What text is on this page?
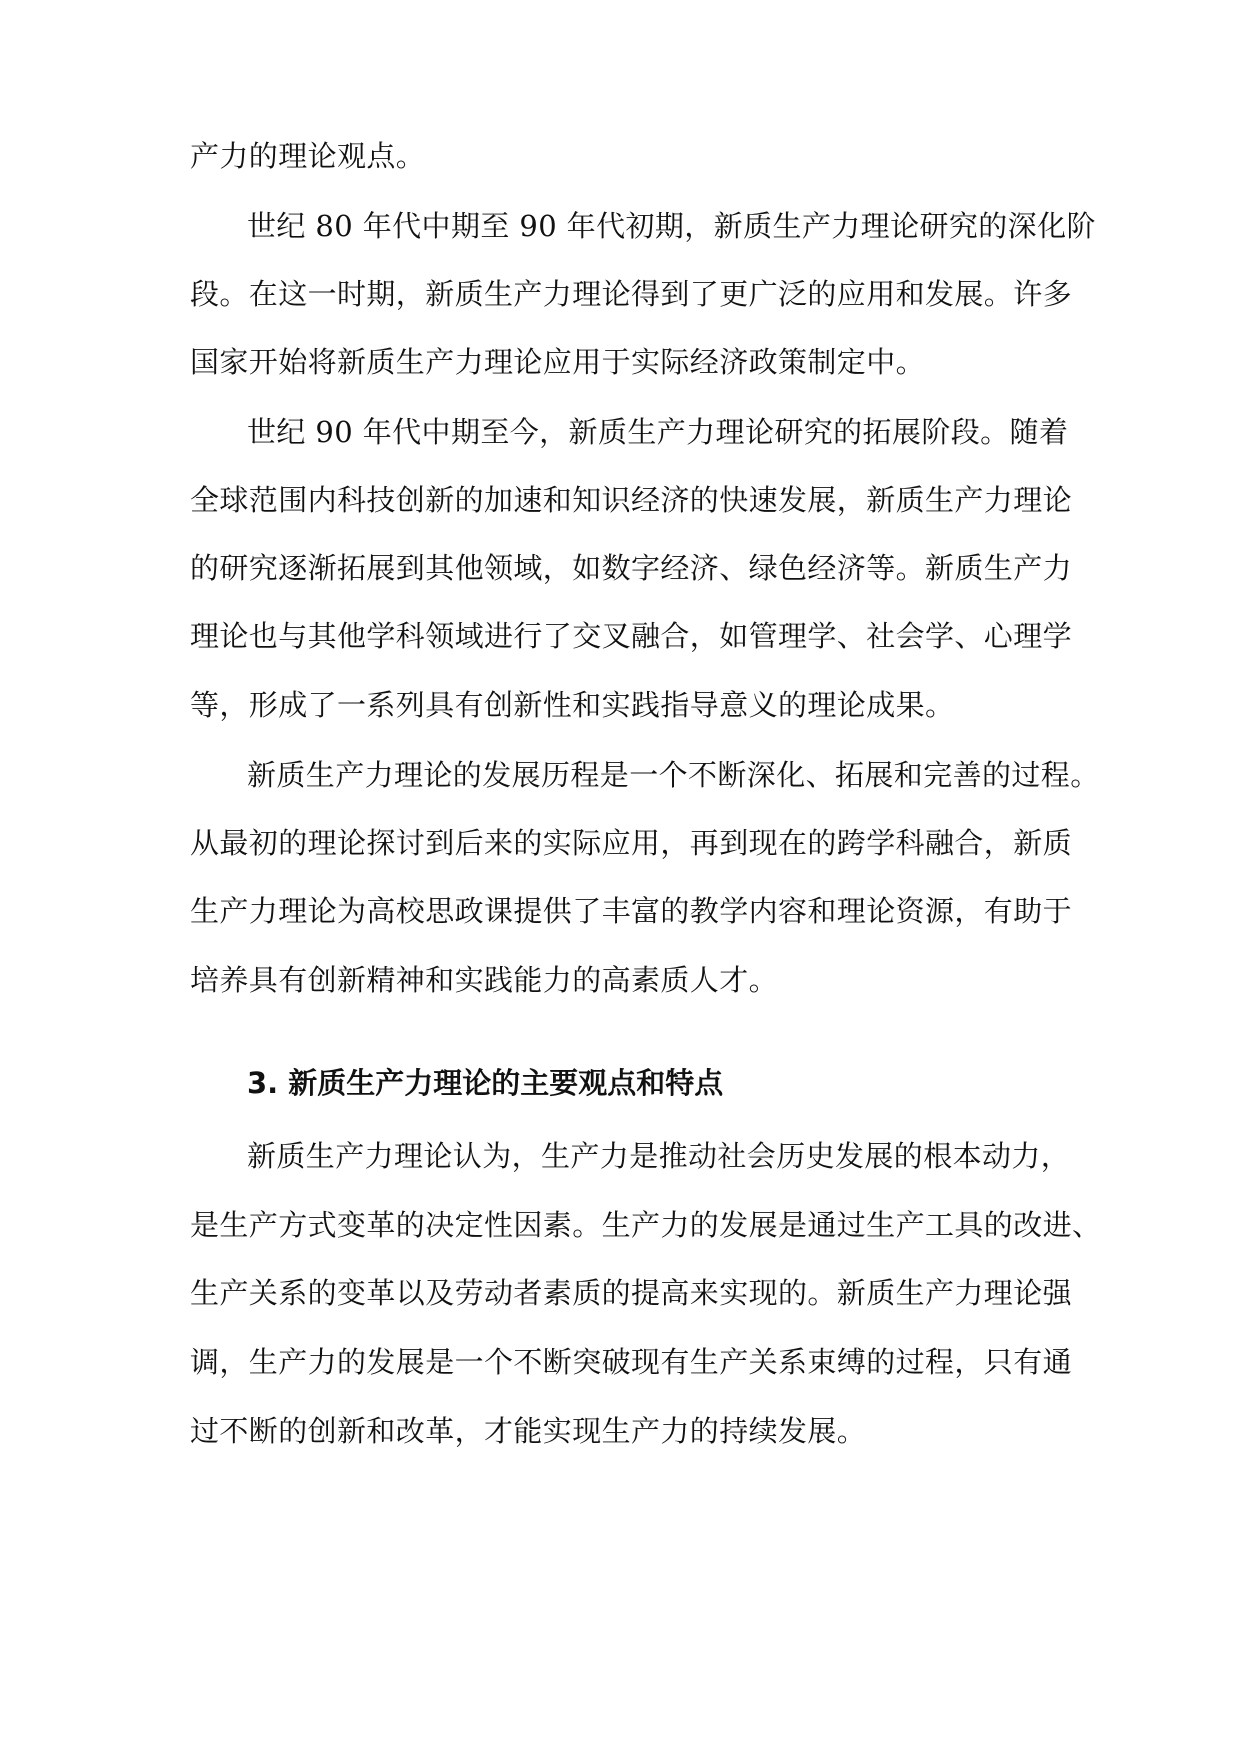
产力的理论观点。
世纪 80 年代中期至 90 年代初期，新质生产力理论研究的深化阶
段。在这一时期，新质生产力理论得到了更广泛的应用和发展。许多
国家开始将新质生产力理论应用于实际经济政策制定中。
世纪 90 年代中期至今，新质生产力理论研究的拓展阶段。随着
全球范围内科技创新的加速和知识经济的快速发展，新质生产力理论
的研究逐渐拓展到其他领域，如数字经济、绿色经济等。新质生产力
理论也与其他学科领域进行了交叉融合，如管理学、社会学、心理学
等，形成了一系列具有创新性和实践指导意义的理论成果。
新质生产力理论的发展历程是一个不断深化、拓展和完善的过程。
从最初的理论探讨到后来的实际应用，再到现在的跨学科融合，新质
生产力理论为高校思政课提供了丰富的教学内容和理论资源，有助于
培养具有创新精神和实践能力的高素质人才。
3. 新质生产力理论的主要观点和特点
新质生产力理论认为，生产力是推动社会历史发展的根本动力，
是生产方式变革的决定性因素。生产力的发展是通过生产工具的改进、
生产关系的变革以及劳动者素质的提高来实现的。新质生产力理论强
调，生产力的发展是一个不断突破现有生产关系束缚的过程，只有通
过不断的创新和改革，才能实现生产力的持续发展。
